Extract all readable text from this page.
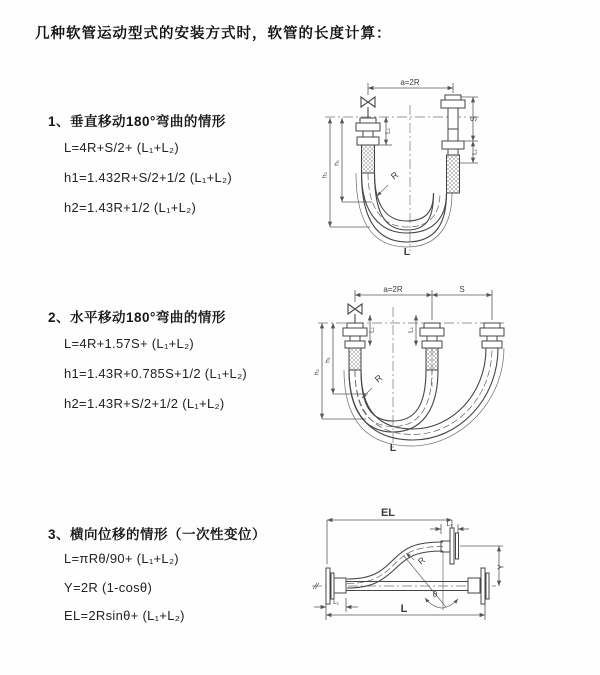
几种软管运动型式的安装方式时，软管的长度计算：
1、垂直移动180°弯曲的情形
L=4R+S/2+ (L₁+L₂)
h1=1.432R+S/2+1/2 (L₁+L₂)
h2=1.43R+1/2 (L₁+L₂)
2、水平移动180°弯曲的情形
L=4R+1.57S+ (L₁+L₂)
h1=1.43R+0.785S+1/2 (L₁+L₂)
h2=1.43R+S/2+1/2 (L₁+L₂)
3、横向位移的情形（一次性变位）
L=πRθ/90+ (L₁+L₂)
Y=2R (1-cosθ)
EL=2Rsinθ+ (L₁+L₂)
a=2R
S
L₁
L₁
h₂
h₁
R
L
a=2R	S
h₂
h₁
L₁	L₁
R
L
EL
L₁
Y
R
θ
L₁
L
